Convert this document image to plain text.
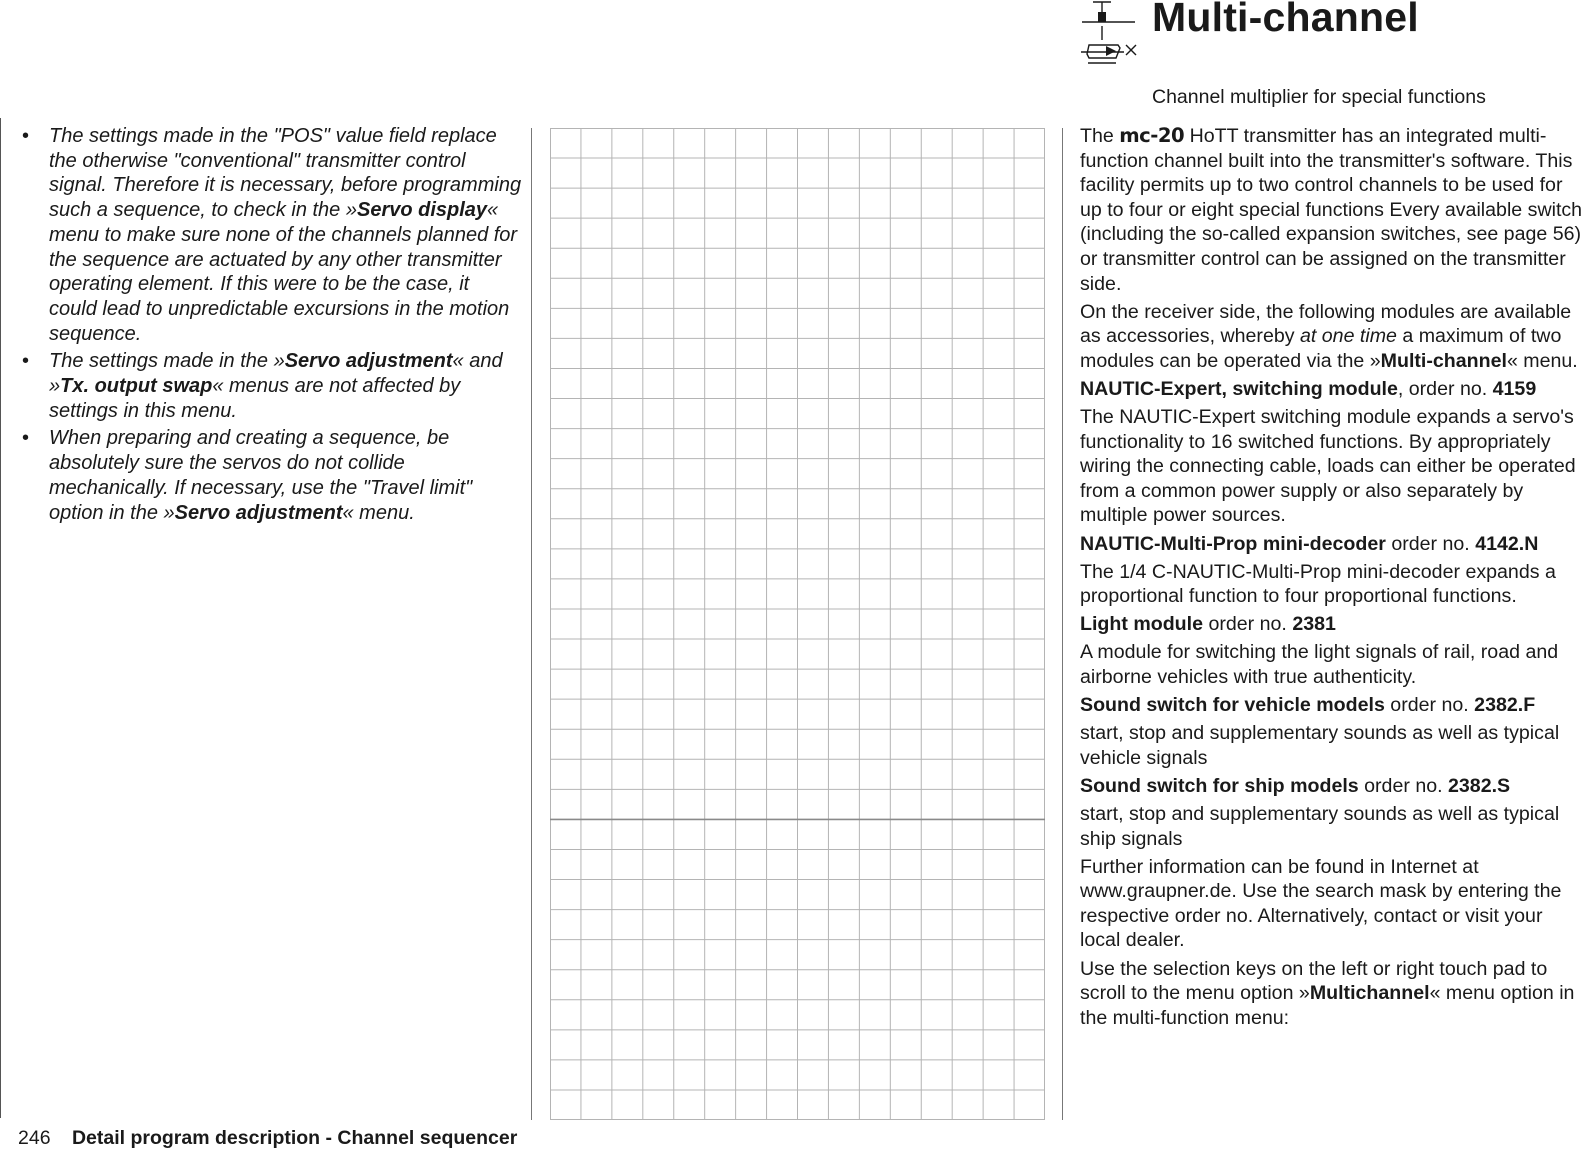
Multi-channel
Channel multiplier for special functions
• The settings made in the "POS" value field replace the otherwise "conventional" transmitter control signal. Therefore it is necessary, before programming such a sequence, to check in the »Servo display« menu to make sure none of the channels planned for the sequence are actuated by any other transmitter operating element. If this were to be the case, it could lead to unpredictable excursions in the motion sequence.
• The settings made in the »Servo adjustment« and »Tx. output swap« menus are not affected by settings in this menu.
• When preparing and creating a sequence, be absolutely sure the servos do not collide mechanically. If necessary, use the "Travel limit" option in the »Servo adjustment« menu.

The mc-20 HoTT transmitter has an integrated multi-function channel built into the transmitter's software. This facility permits up to two control channels to be used for up to four or eight special functions Every available switch (including the so-called expansion switches, see page 56) or transmitter control can be assigned on the transmitter side.

On the receiver side, the following modules are available as accessories, whereby at one time a maximum of two modules can be operated via the »Multi-channel« menu.

NAUTIC-Expert, switching module, order no. 4159

The NAUTIC-Expert switching module expands a servo's functionality to 16 switched functions. By appropriately wiring the connecting cable, loads can either be operated from a common power supply or also separately by multiple power sources.

NAUTIC-Multi-Prop mini-decoder order no. 4142.N

The 1/4 C-NAUTIC-Multi-Prop mini-decoder expands a proportional function to four proportional functions.

Light module order no. 2381

A module for switching the light signals of rail, road and airborne vehicles with true authenticity.

Sound switch for vehicle models order no. 2382.F

start, stop and supplementary sounds as well as typical vehicle signals

Sound switch for ship models order no. 2382.S

start, stop and supplementary sounds as well as typical ship signals

Further information can be found in Internet at www.graupner.de. Use the search mask by entering the respective order no. Alternatively, contact or visit your local dealer.

Use the selection keys on the left or right touch pad to scroll to the menu option »Multichannel« menu option in the multi-function menu:

246 Detail program description - Channel sequencer
